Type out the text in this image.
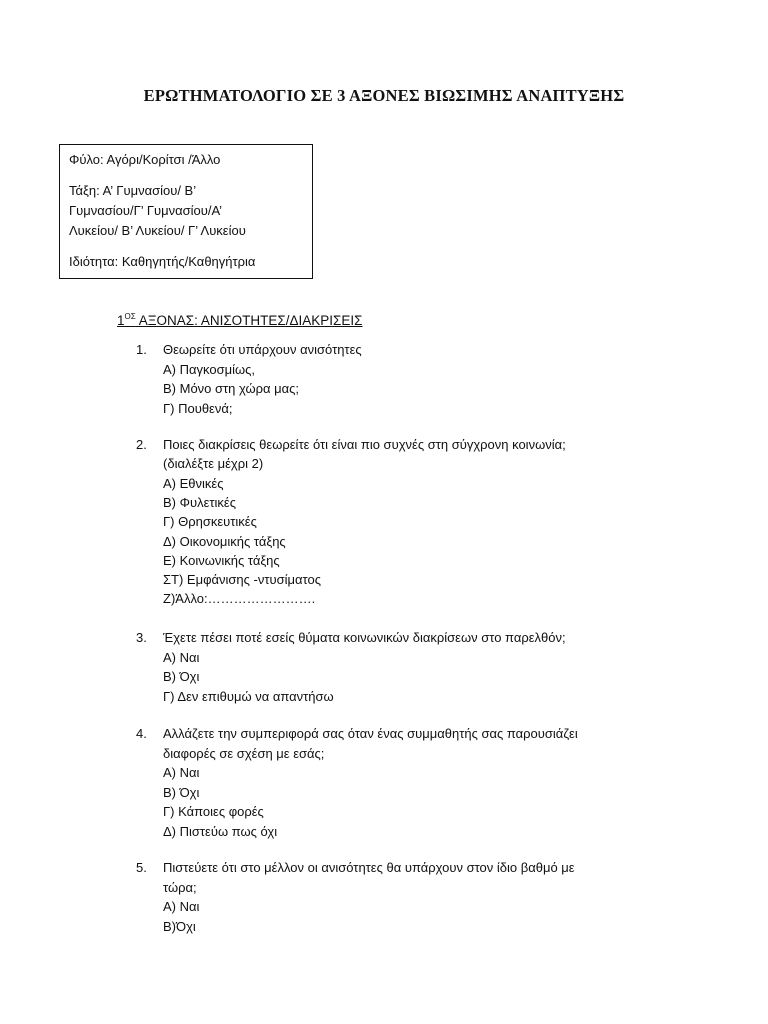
ΕΡΩΤΗΜΑΤΟΛΟΓΙΟ ΣΕ 3 ΑΞΟΝΕΣ ΒΙΩΣΙΜΗΣ ΑΝΑΠΤΥΞΗΣ
Φύλο: Αγόρι/Κορίτσι /Άλλο
Τάξη: Α’ Γυμνασίου/ Β’
Γυμνασίου/Γ’ Γυμνασίου/Α’
Λυκείου/ Β’ Λυκείου/ Γ’ Λυκείου
Ιδιότητα: Καθηγητής/Καθηγήτρια
$1^{O\Sigma}$ ΑΞΟΝΑΣ: ΑΝΙΣΟΤΗΤΕΣ/ΔΙΑΚΡΙΣΕΙΣ
1. Θεωρείτε ότι υπάρχουν ανισότητες
Α) Παγκοσμίως,
Β) Μόνο στη χώρα μας;
Γ) Πουθενά;
2. Ποιες διακρίσεις θεωρείτε ότι είναι πιο συχνές στη σύγχρονη κοινωνία;
(διαλέξτε μέχρι 2)
Α) Εθνικές
Β) Φυλετικές
Γ) Θρησκευτικές
Δ) Οικονομικής τάξης
Ε) Κοινωνικής τάξης
ΣΤ) Εμφάνισης -ντυσίματος
Ζ)Άλλο:…………………….
3. Έχετε πέσει ποτέ εσείς θύματα κοινωνικών διακρίσεων στο παρελθόν;
Α) Ναι
Β) Όχι
Γ) Δεν επιθυμώ να απαντήσω
4. Αλλάζετε την συμπεριφορά σας όταν ένας συμμαθητής σας παρουσιάζει
διαφορές σε σχέση με εσάς;
Α) Ναι
Β) Όχι
Γ) Κάποιες φορές
Δ) Πιστεύω πως όχι
5. Πιστεύετε ότι στο μέλλον οι ανισότητες θα υπάρχουν στον ίδιο βαθμό με
τώρα;
Α) Ναι
Β)Όχι
